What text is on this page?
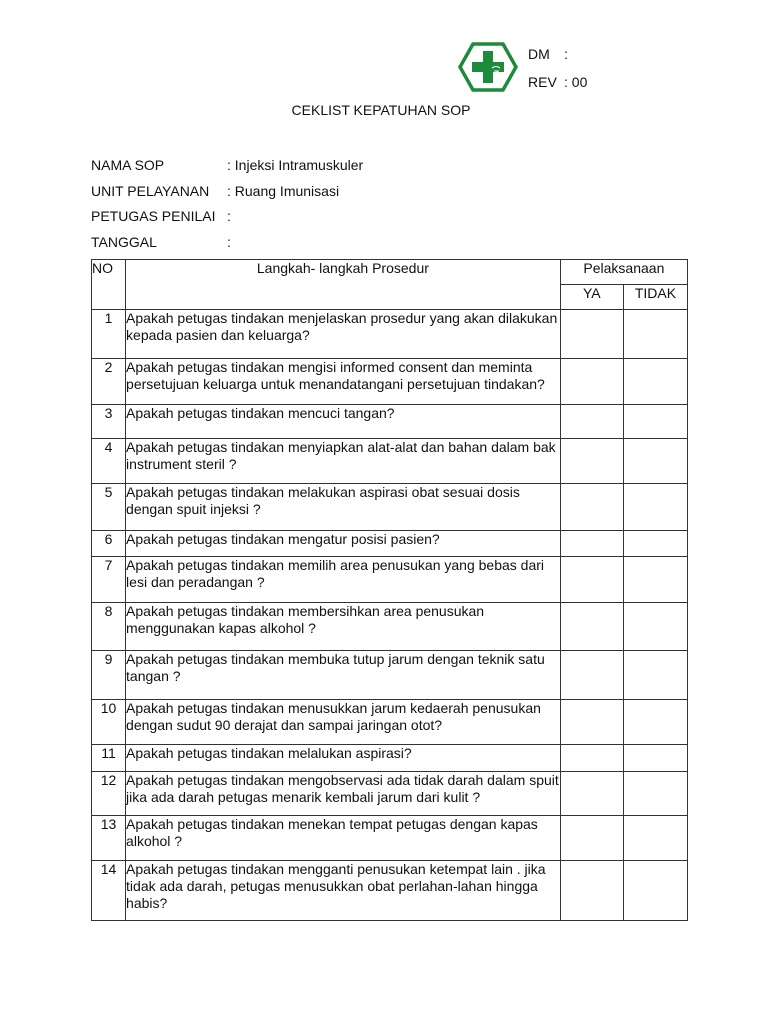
DM	:
REV : 00
CEKLIST KEPATUHAN SOP
NAMA SOP	: Injeksi Intramuskuler
UNIT PELAYANAN	: Ruang Imunisasi
PETUGAS PENILAI :
TANGGAL	:
NO	Langkah- langkah Prosedur	Pelaksanaan	
		YA	TIDAK
1	Apakah petugas tindakan menjelaskan prosedur yang akan dilakukan kepada pasien dan keluarga?		
2	Apakah petugas tindakan mengisi informed consent dan meminta persetujuan keluarga untuk menandatangani persetujuan tindakan?		
3	Apakah petugas tindakan mencuci tangan?		
4	Apakah petugas tindakan menyiapkan alat-alat dan bahan dalam bak instrument steril ?		
5	Apakah petugas tindakan melakukan aspirasi obat sesuai dosis dengan spuit injeksi ?		
6	Apakah petugas tindakan mengatur posisi pasien?		
7	Apakah petugas tindakan memilih area penusukan yang bebas dari lesi dan peradangan ?		
8	Apakah petugas tindakan membersihkan area penusukan menggunakan kapas alkohol ?		
9	Apakah petugas tindakan membuka tutup jarum dengan teknik satu tangan ?		
10	Apakah petugas tindakan menusukkan jarum kedaerah penusukan dengan sudut 90 derajat dan sampai jaringan otot?		
11	Apakah petugas tindakan melalukan aspirasi?		
12	Apakah petugas tindakan mengobservasi ada tidak darah dalam spuit jika ada darah petugas menarik kembali jarum dari kulit ?		
13	Apakah petugas tindakan menekan tempat petugas dengan kapas alkohol ?		
14	Apakah petugas tindakan mengganti penusukan ketempat lain . jika tidak ada darah, petugas menusukkan obat perlahan-lahan hingga habis?		
